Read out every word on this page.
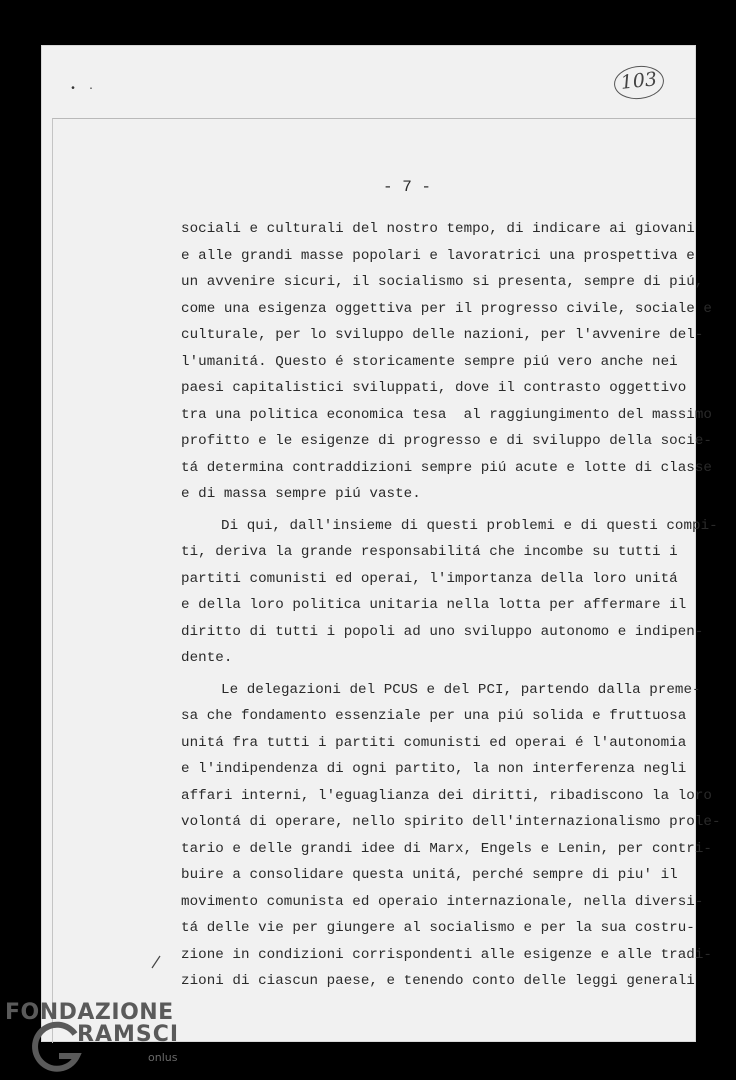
•  ·	103
- 7 -
sociali e culturali del nostro tempo, di indicare ai giovani
e alle grandi masse popolari e lavoratrici una prospettiva e
un avvenire sicuri, il socialismo si presenta, sempre di piú,
come una esigenza oggettiva per il progresso civile, sociale e
culturale, per lo sviluppo delle nazioni, per l'avvenire del-
l'umanitá. Questo é storicamente sempre piú vero anche nei
paesi capitalistici sviluppati, dove il contrasto oggettivo
tra una politica economica tesa  al raggiungimento del massimo
profitto e le esigenze di progresso e di sviluppo della socie-
tá determina contraddizioni sempre piú acute e lotte di classe
e di massa sempre piú vaste.
Di qui, dall'insieme di questi problemi e di questi compi-
ti, deriva la grande responsabilitá che incombe su tutti i
partiti comunisti ed operai, l'importanza della loro unitá
e della loro politica unitaria nella lotta per affermare il
diritto di tutti i popoli ad uno sviluppo autonomo e indipen-
dente.
Le delegazioni del PCUS e del PCI, partendo dalla preme-
sa che fondamento essenziale per una piú solida e fruttuosa
unitá fra tutti i partiti comunisti ed operai é l'autonomia
e l'indipendenza di ogni partito, la non interferenza negli
affari interni, l'eguaglianza dei diritti, ribadiscono la loro
volontá di operare, nello spirito dell'internazionalismo prole-
tario e delle grandi idee di Marx, Engels e Lenin, per contri-
buire a consolidare questa unitá, perché sempre di piu' il
movimento comunista ed operaio internazionale, nella diversi-
tá delle vie per giungere al socialismo e per la sua costru-
zione in condizioni corrispondenti alle esigenze e alle tradi-
zioni di ciascun paese, e tenendo conto delle leggi generali
FONDAZIONE
RAMSCI
onlus
